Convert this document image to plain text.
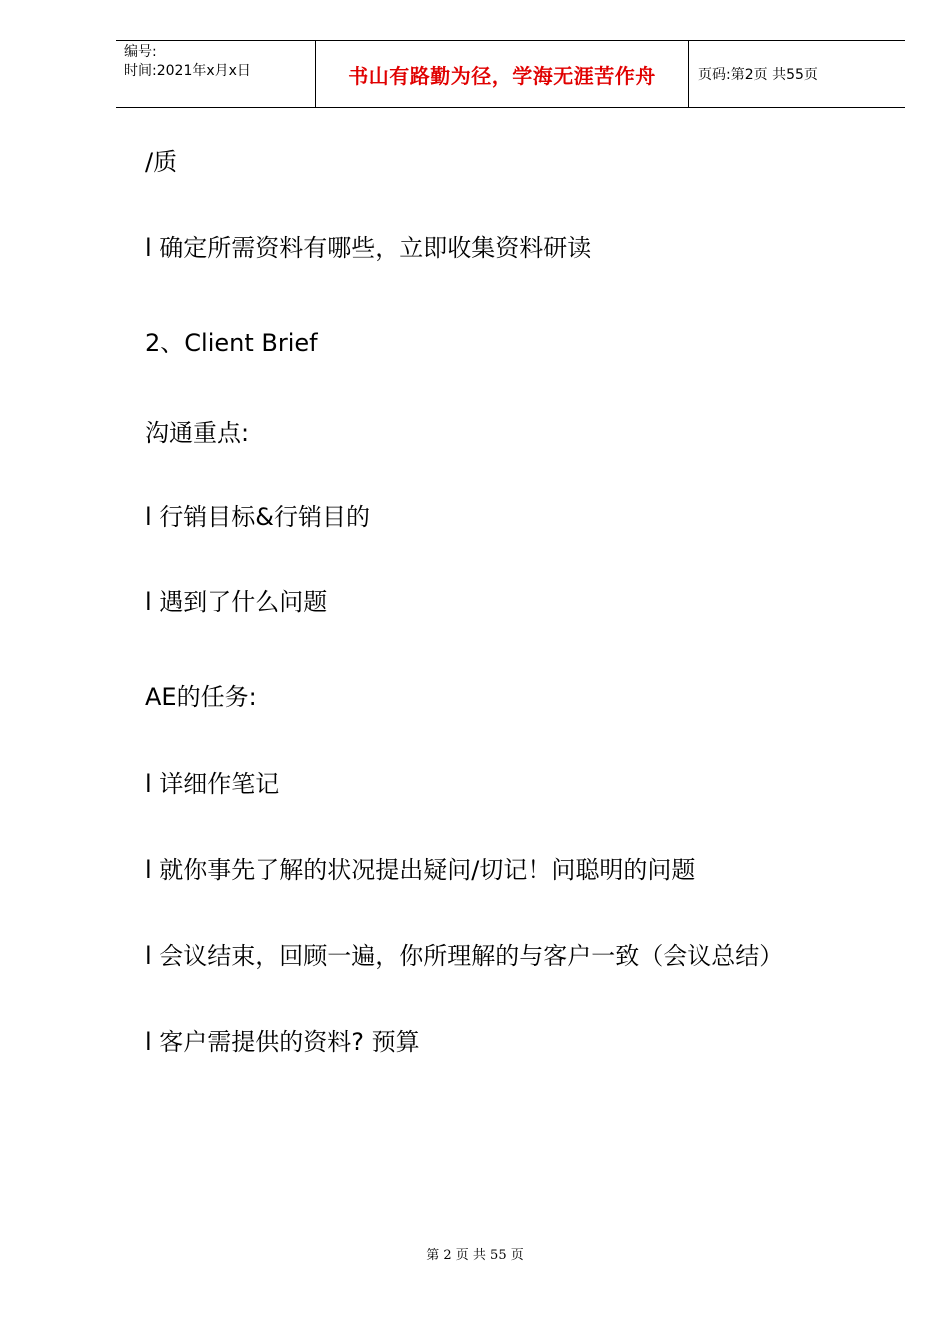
编号:
时间:2021年x月x日	书山有路勤为径，学海无涯苦作舟	页码:第2页 共55页
/质
l 确定所需资料有哪些，立即收集资料研读
2、Client Brief
沟通重点:
l 行销目标&行销目的
l 遇到了什么问题
AE的任务:
l 详细作笔记
l 就你事先了解的状况提出疑问/切记！问聪明的问题
l 会议结束，回顾一遍，你所理解的与客户一致（会议总结）
l 客户需提供的资料? 预算
第 2 页 共 55 页
